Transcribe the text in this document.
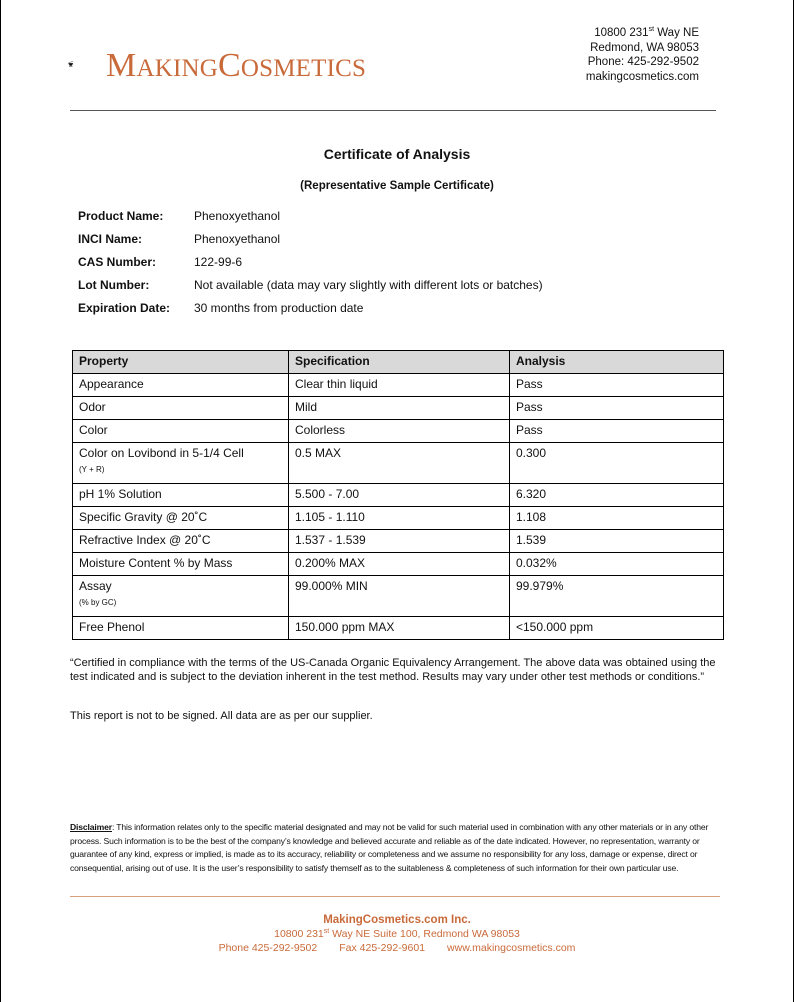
MAKINGCOSMETICS
10800 231st Way NE
Redmond, WA 98053
Phone: 425-292-9502
makingcosmetics.com
Certificate of Analysis
(Representative Sample Certificate)
Product Name:	Phenoxyethanol
INCI Name:	Phenoxyethanol
CAS Number:	122-99-6
Lot Number:	Not available (data may vary slightly with different lots or batches)
Expiration Date: 30 months from production date
Property	Specification	Analysis
Appearance	Clear thin liquid	Pass
Odor	Mild	Pass
Color	Colorless	Pass
Color on Lovibond in 5-1/4 Cell
(Y + R)	0.5 MAX	0.300
pH 1% Solution	5.500 - 7.00	6.320
Specific Gravity @ 20˚C	1.105 - 1.110	1.108
Refractive Index @ 20˚C	1.537 - 1.539	1.539
Moisture Content % by Mass	0.200% MAX	0.032%
Assay
(% by GC)	99.000% MIN	99.979%
Free Phenol	150.000 ppm MAX	<150.000 ppm
“Certified in compliance with the terms of the US-Canada Organic Equivalency Arrangement. The above data was obtained using the test indicated and is subject to the deviation inherent in the test method. Results may vary under other test methods or conditions.”
This report is not to be signed. All data are as per our supplier.
Disclaimer: This information relates only to the specific material designated and may not be valid for such material used in combination with any other materials or in any other process. Such information is to be the best of the company’s knowledge and believed accurate and reliable as of the date indicated. However, no representation, warranty or guarantee of any kind, express or implied, is made as to its accuracy, reliability or completeness and we assume no responsibility for any loss, damage or expense, direct or consequential, arising out of use. It is the user’s responsibility to satisfy themself as to the suitableness & completeness of such information for their own particular use.
MakingCosmetics.com Inc.
10800 231st Way NE Suite 100, Redmond WA 98053
Phone 425-292-9502 Fax 425-292-9601 www.makingcosmetics.com
